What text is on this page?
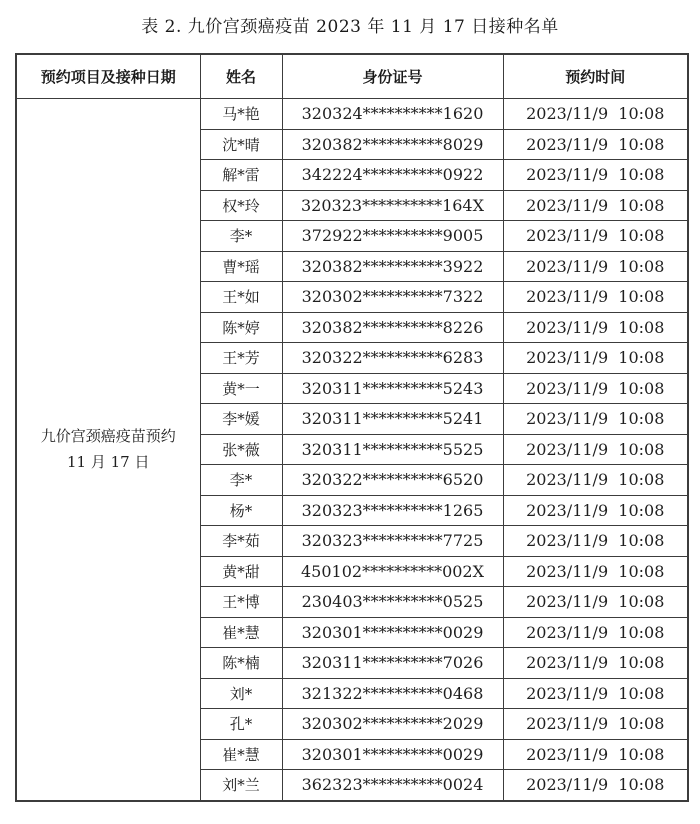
表 2. 九价宫颈癌疫苗 2023 年 11 月 17 日接种名单
预约项目及接种日期	姓名	身份证号	预约时间

九价宫颈癌疫苗预约
11 月 17 日	马*艳	320324**********1620	2023/11/9  10:08
	沈*晴	320382**********8029	2023/11/9  10:08
	解*雷	342224**********0922	2023/11/9  10:08
	权*玲	320323**********164X	2023/11/9  10:08
	李*	372922**********9005	2023/11/9  10:08
	曹*瑶	320382**********3922	2023/11/9  10:08
	王*如	320302**********7322	2023/11/9  10:08
	陈*婷	320382**********8226	2023/11/9  10:08
	王*芳	320322**********6283	2023/11/9  10:08
	黄*一	320311**********5243	2023/11/9  10:08
	李*媛	320311**********5241	2023/11/9  10:08
	张*薇	320311**********5525	2023/11/9  10:08
	李*	320322**********6520	2023/11/9  10:08
	杨*	320323**********1265	2023/11/9  10:08
	李*茹	320323**********7725	2023/11/9  10:08
	黄*甜	450102**********002X	2023/11/9  10:08
	王*博	230403**********0525	2023/11/9  10:08
	崔*慧	320301**********0029	2023/11/9  10:08
	陈*楠	320311**********7026	2023/11/9  10:08
	刘*	321322**********0468	2023/11/9  10:08
	孔*	320302**********2029	2023/11/9  10:08
	崔*慧	320301**********0029	2023/11/9  10:08
	刘*兰	362323**********0024	2023/11/9  10:08
